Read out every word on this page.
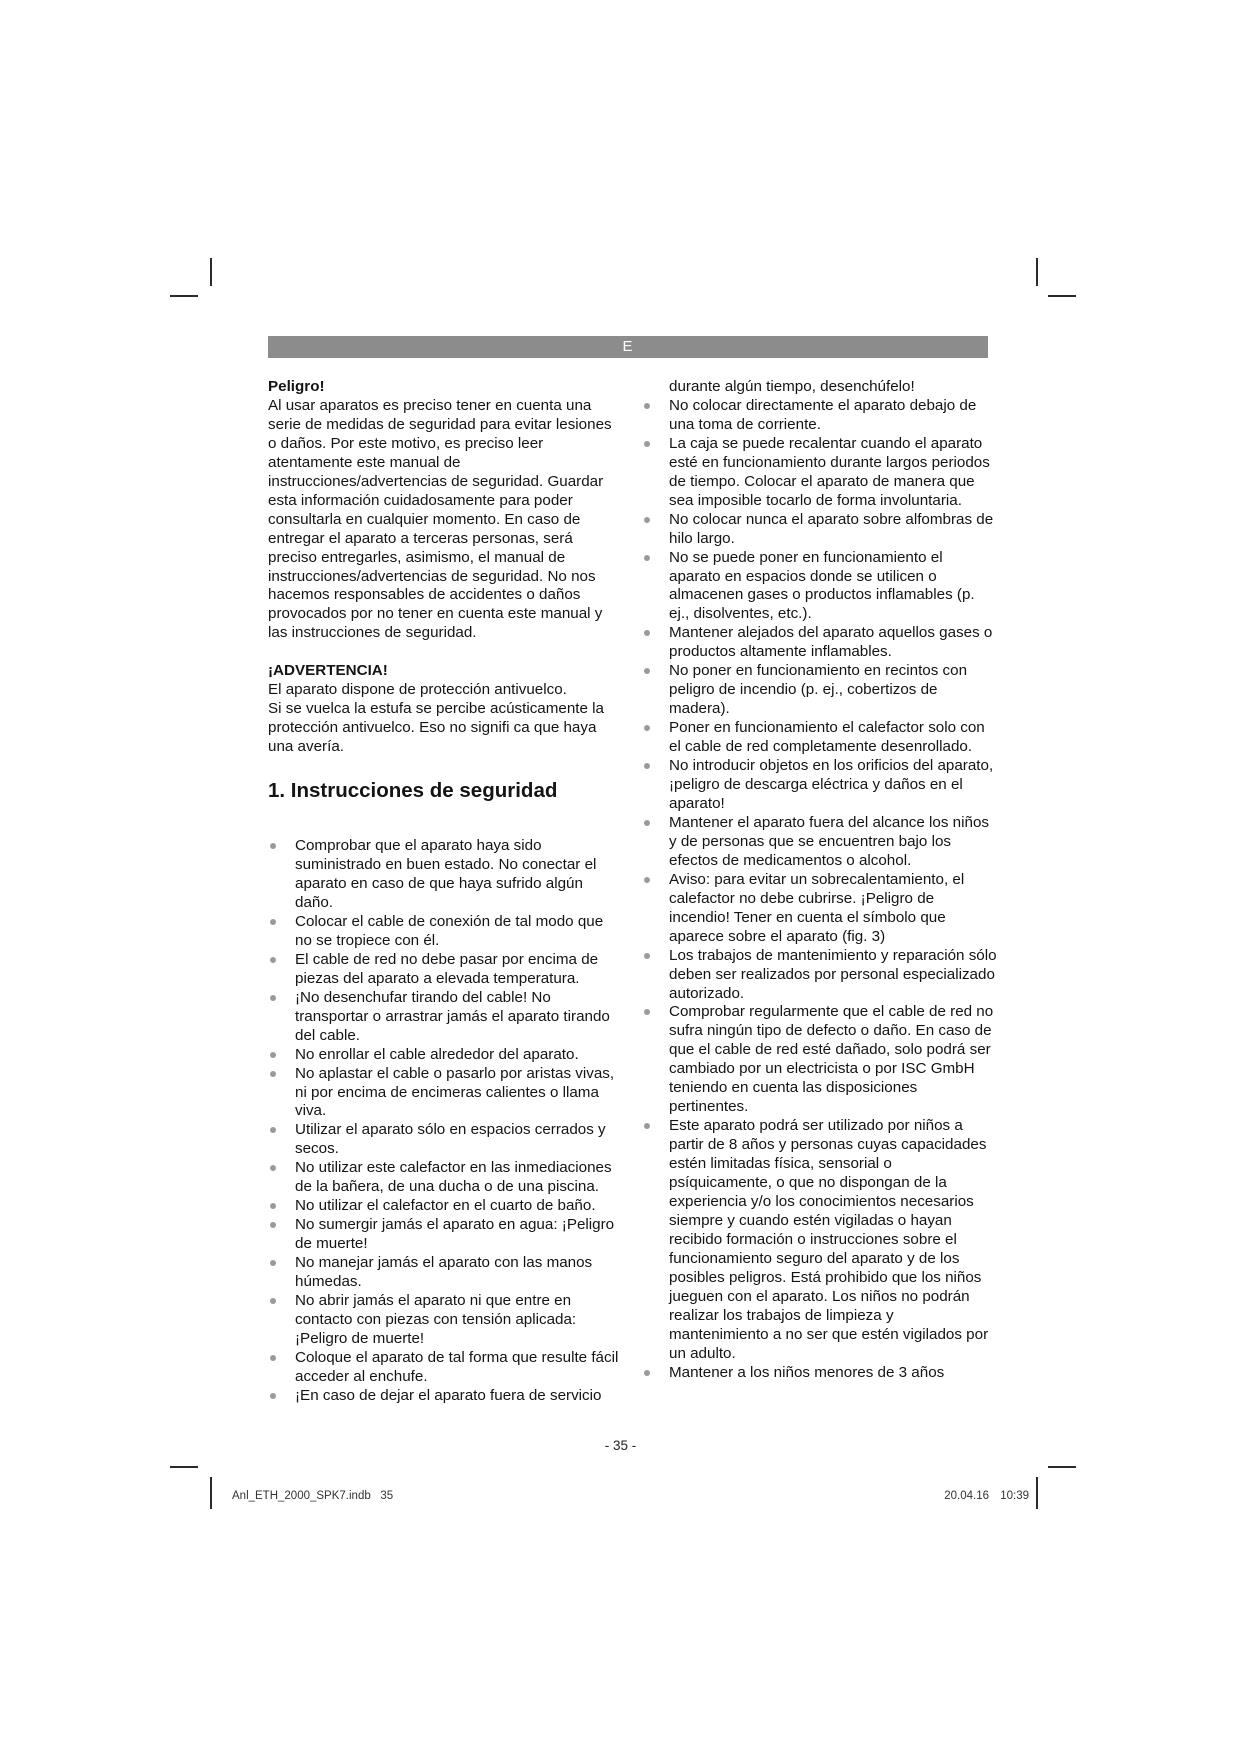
E

Peligro!

Al usar aparatos es preciso tener en cuenta una serie de medidas de seguridad para evitar lesiones o daños. Por este motivo, es preciso leer atentamente este manual de instrucciones/advertencias de seguridad. Guardar esta información cuidadosamente para poder consultarla en cualquier momento. En caso de entregar el aparato a terceras personas, será preciso entregarles, asimismo, el manual de instrucciones/advertencias de seguridad. No nos hacemos responsables de accidentes o daños provocados por no tener en cuenta este manual y las instrucciones de seguridad.

¡ADVERTENCIA!

El aparato dispone de protección antivuelco.

Si se vuelca la estufa se percibe acústicamente la protección antivuelco. Eso no signifi ca que haya una avería.

1. Instrucciones de seguridad
Comprobar que el aparato haya sido suministrado en buen estado. No conectar el aparato en caso de que haya sufrido algún daño.
Colocar el cable de conexión de tal modo que no se tropiece con él.
El cable de red no debe pasar por encima de piezas del aparato a elevada temperatura.
¡No desenchufar tirando del cable! No transportar o arrastrar jamás el aparato tirando del cable.
No enrollar el cable alrededor del aparato.
No aplastar el cable o pasarlo por aristas vivas, ni por encima de encimeras calientes o llama viva.
Utilizar el aparato sólo en espacios cerrados y secos.
No utilizar este calefactor en las inmediaciones de la bañera, de una ducha o de una piscina.
No utilizar el calefactor en el cuarto de baño.
No sumergir jamás el aparato en agua: ¡Peligro de muerte!
No manejar jamás el aparato con las manos húmedas.
No abrir jamás el aparato ni que entre en contacto con piezas con tensión aplicada: ¡Peligro de muerte!
Coloque el aparato de tal forma que resulte fácil acceder al enchufe.
¡En caso de dejar el aparato fuera de servicio

durante algún tiempo, desenchúfelo!

No colocar directamente el aparato debajo de una toma de corriente.
La caja se puede recalentar cuando el aparato esté en funcionamiento durante largos periodos de tiempo. Colocar el aparato de manera que sea imposible tocarlo de forma involuntaria.
No colocar nunca el aparato sobre alfombras de hilo largo.
No se puede poner en funcionamiento el aparato en espacios donde se utilicen o almacenen gases o productos inflamables (p. ej., disolventes, etc.).
Mantener alejados del aparato aquellos gases o productos altamente inflamables.
No poner en funcionamiento en recintos con peligro de incendio (p. ej., cobertizos de madera).
Poner en funcionamiento el calefactor solo con el cable de red completamente desenrollado.
No introducir objetos en los orificios del aparato, ¡peligro de descarga eléctrica y daños en el aparato!
Mantener el aparato fuera del alcance los niños y de personas que se encuentren bajo los efectos de medicamentos o alcohol.
Aviso: para evitar un sobrecalentamiento, el calefactor no debe cubrirse. ¡Peligro de incendio! Tener en cuenta el símbolo que aparece sobre el aparato (fig. 3)
Los trabajos de mantenimiento y reparación sólo deben ser realizados por personal especializado autorizado.
Comprobar regularmente que el cable de red no sufra ningún tipo de defecto o daño. En caso de que el cable de red esté dañado, solo podrá ser cambiado por un electricista o por ISC GmbH teniendo en cuenta las disposiciones pertinentes.
Este aparato podrá ser utilizado por niños a partir de 8 años y personas cuyas capacidades estén limitadas física, sensorial o psíquicamente, o que no dispongan de la experiencia y/o los conocimientos necesarios siempre y cuando estén vigiladas o hayan recibido formación o instrucciones sobre el funcionamiento seguro del aparato y de los posibles peligros. Está prohibido que los niños jueguen con el aparato. Los niños no podrán realizar los trabajos de limpieza y mantenimiento a no ser que estén vigilados por un adulto.
Mantener a los niños menores de 3 años
- 35 -
Anl_ETH_2000_SPK7.indb 35	20.04.16 10:39
